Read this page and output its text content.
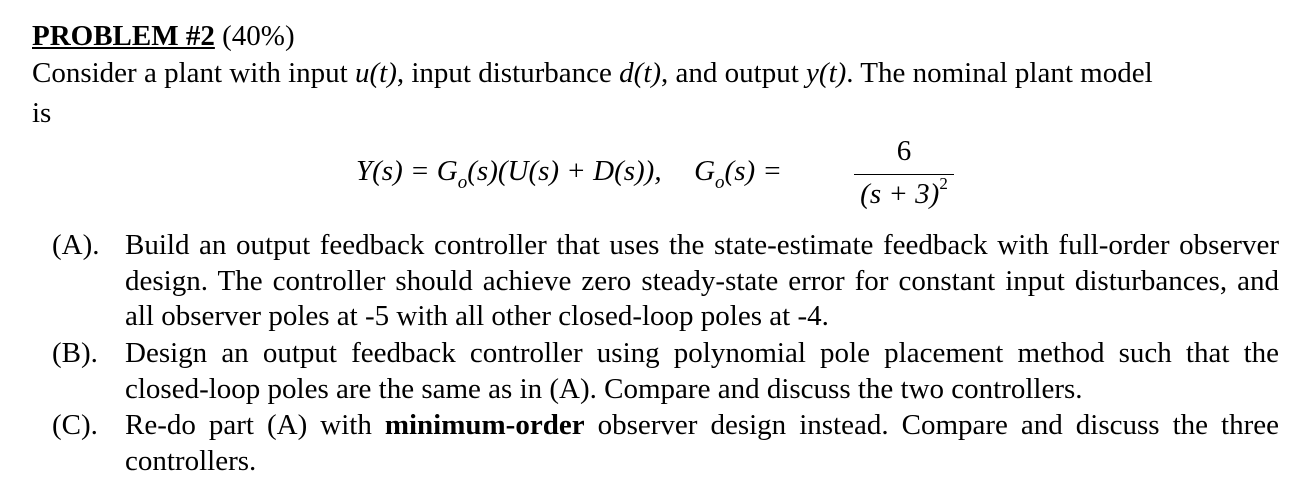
PROBLEM #2 (40%)
Consider a plant with input u(t), input disturbance d(t), and output y(t). The nominal plant model
is
$Y(s) = G_o(s)(U(s) + D(s))$, $G_o(s)$ =
6
$(s + 3)^2$
(A). Build an output feedback controller that uses the state-estimate feedback with full-order observer design. The controller should achieve zero steady-state error for constant input disturbances, and all observer poles at -5 with all other closed-loop poles at -4.
(B). Design an output feedback controller using polynomial pole placement method such that the closed-loop poles are the same as in (A). Compare and discuss the two controllers.
(C). Re-do part (A) with minimum-order observer design instead. Compare and discuss the three controllers.
